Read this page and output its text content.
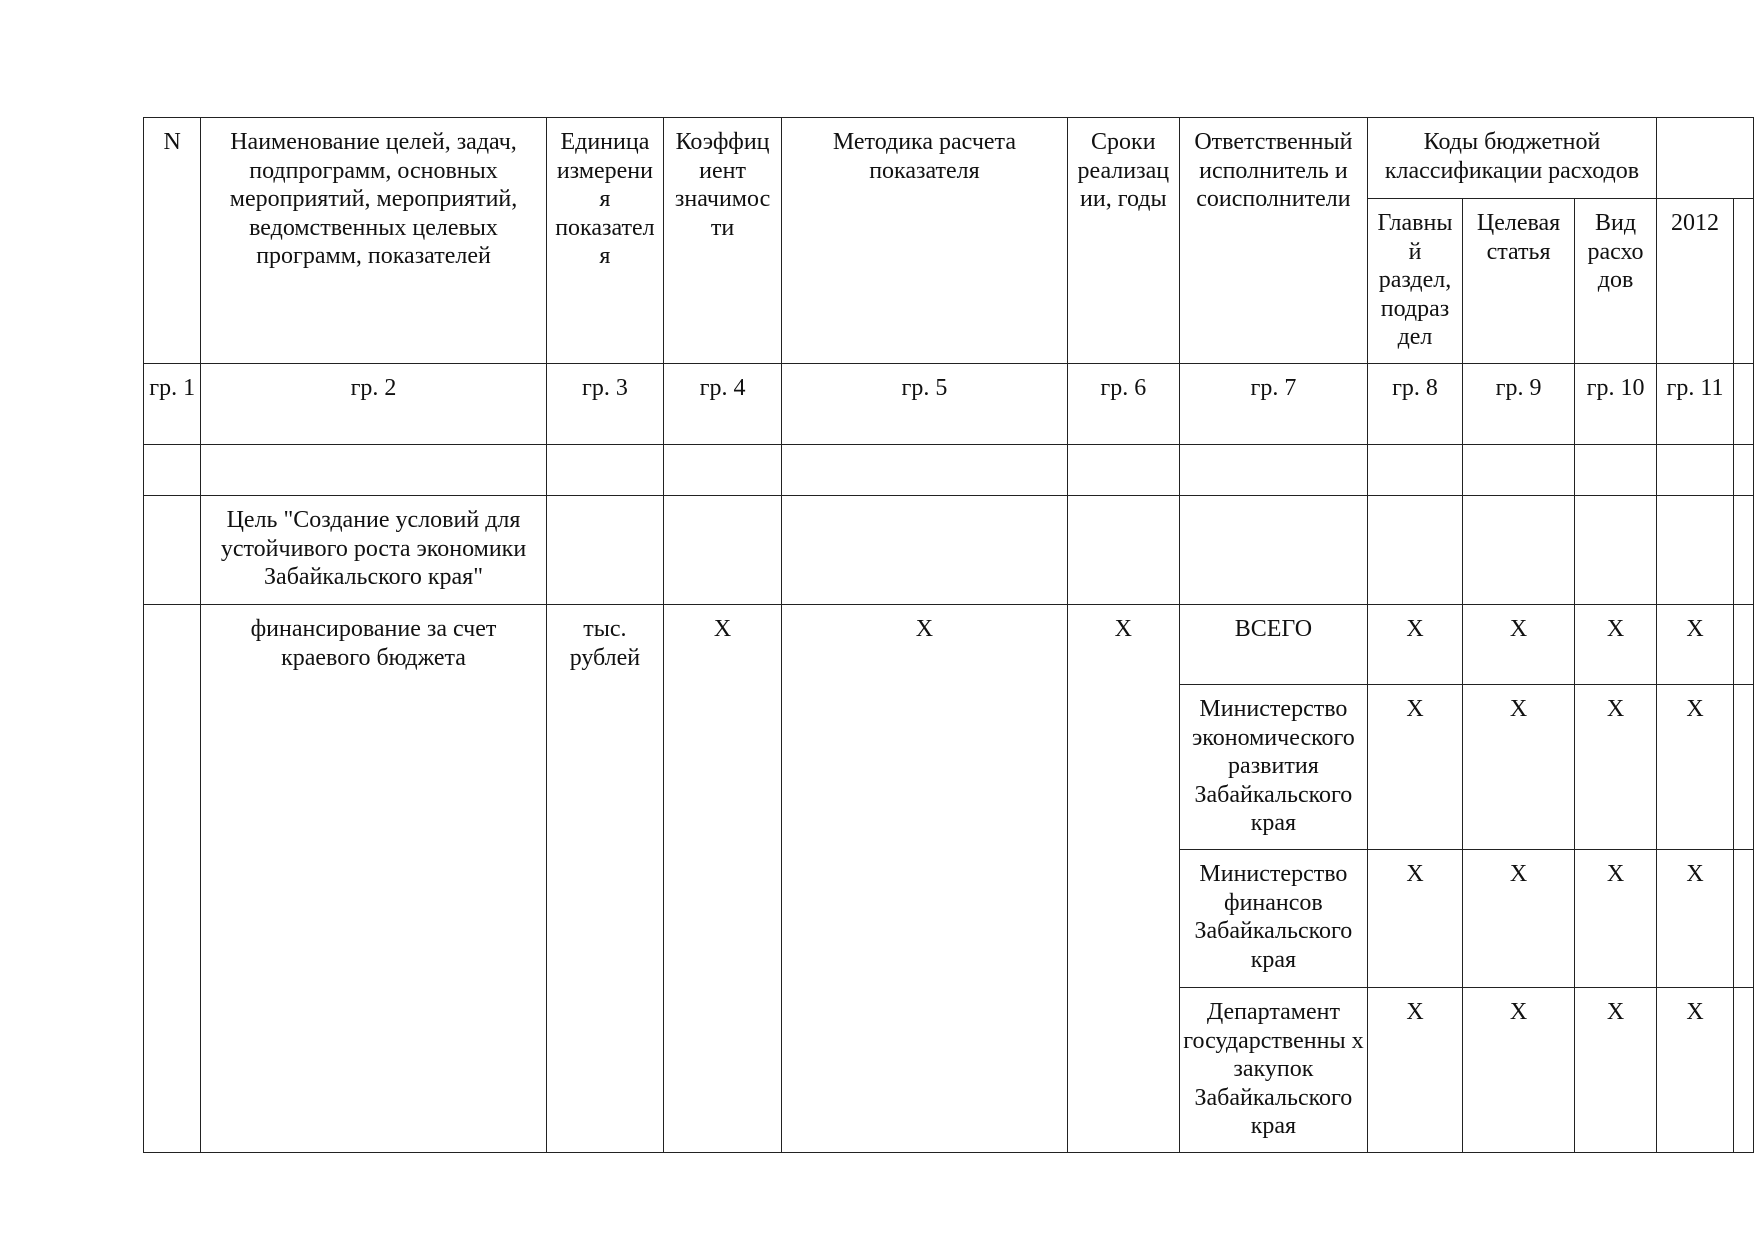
N	Наименование целей, задач, подпрограмм, основных мероприятий, мероприятий, ведомственных целевых программ, показателей	Единица измерени я показател я	Коэффиц иент значимос ти	Методика расчета показателя	Сроки реализац ии, годы	Ответственный исполнитель и соисполнители	Коды бюджетной классификации расходов				
							Главны й раздел, подраз дел	Целевая статья	Вид расхо дов	2012	
гр. 1	гр. 2	гр. 3	гр. 4	гр. 5	гр. 6	гр. 7	гр. 8	гр. 9	гр. 10	гр. 11	

	Цель "Создание условий для устойчивого роста экономики Забайкальского края"										
	финансирование за счет краевого бюджета	тыс. рублей	X	X	X	ВСЕГО	X	X	X	X	
						Министерство экономического развития Забайкальского края	X	X	X	X	
						Министерство финансов Забайкальского края	X	X	X	X	
						Департамент государственны х закупок Забайкальского края	X	X	X	X	
